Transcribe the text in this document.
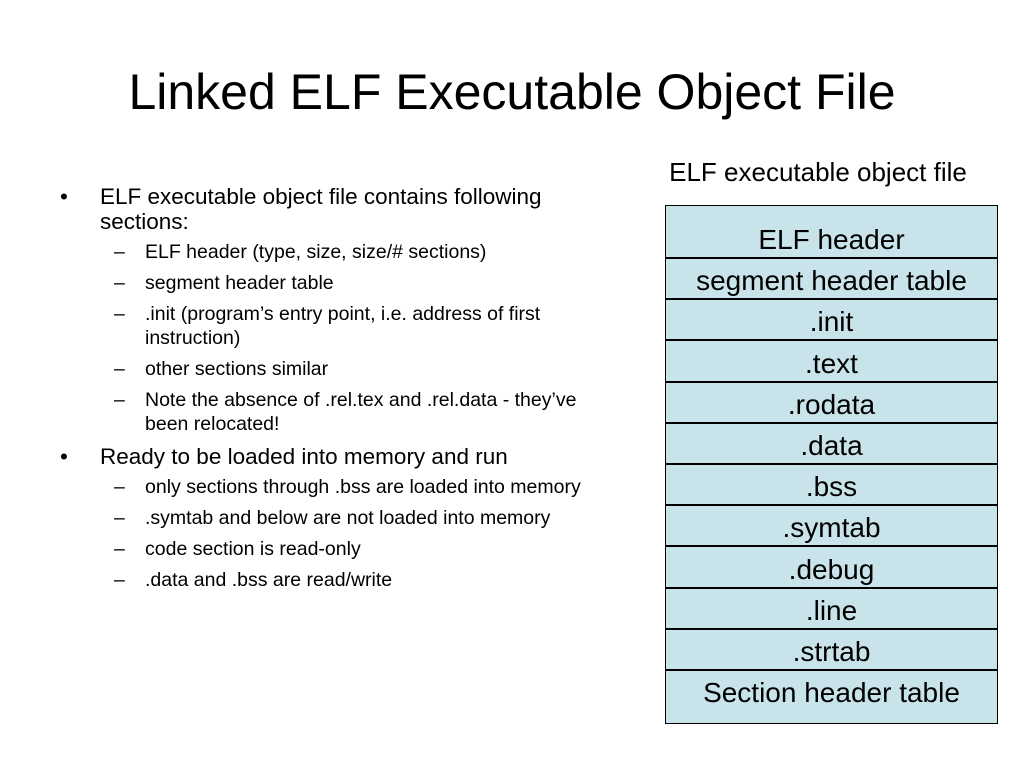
Linked ELF Executable Object File
•	ELF executable object file contains following sections:
–	ELF header (type, size, size/# sections)
–	segment header table
–	.init (program’s entry point, i.e. address of first instruction)
–	other sections similar
–	Note the absence of .rel.tex and .rel.data - they’ve been relocated!
•	Ready to be loaded into memory and run
–	only sections through .bss are loaded into memory
–	.symtab and below are not loaded into memory
–	code section is read-only
–	.data and .bss are read/write
ELF executable object file
ELF header
segment header table
.init
.text
.rodata
.data
.bss
.symtab
.debug
.line
.strtab
Section header table
